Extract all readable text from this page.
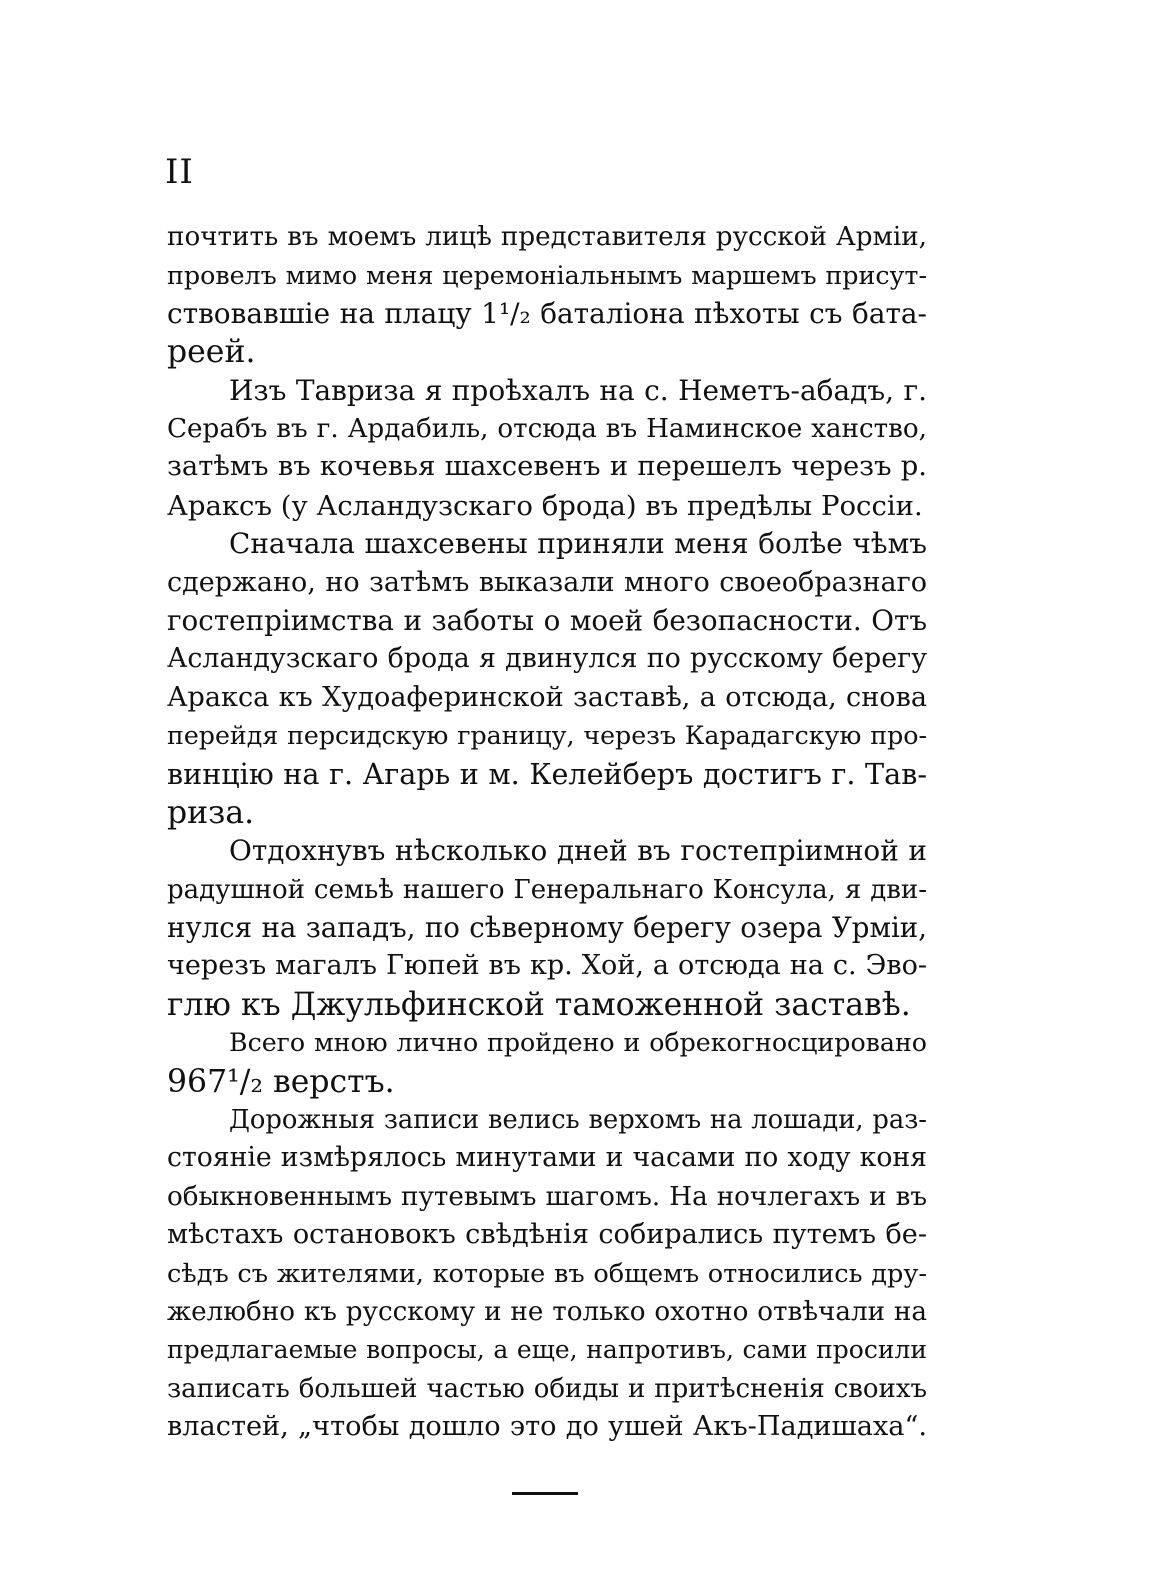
II
почтить въ моемъ лицѣ представителя русской Арміи,
провелъ мимо меня церемоніальнымъ маршемъ присут-
ствовавшіе на плацу 1¹/₂ баталіона пѣхоты съ бата-
реей.
Изъ Тавриза я проѣхалъ на с. Неметъ-абадъ, г.
Серабъ въ г. Ардабиль, отсюда въ Наминское ханство,
затѣмъ въ кочевья шахсевенъ и перешелъ черезъ р.
Араксъ (у Асландузскаго брода) въ предѣлы Россіи.
Сначала шахсевены приняли меня болѣе чѣмъ
сдержано, но затѣмъ выказали много своеобразнаго
гостепріимства и заботы о моей безопасности. Отъ
Асландузскаго брода я двинулся по русскому берегу
Аракса къ Худоаферинской заставѣ, а отсюда, снова
перейдя персидскую границу, черезъ Карадагскую про-
винцію на г. Агарь и м. Келейберъ достигъ г. Тав-
риза.
Отдохнувъ нѣсколько дней въ гостепріимной и
радушной семьѣ нашего Генеральнаго Консула, я дви-
нулся на западъ, по сѣверному берегу озера Урміи,
черезъ магалъ Гюпей въ кр. Хой, а отсюда на с. Эво-
глю къ Джульфинской таможенной заставѣ.
Всего мною лично пройдено и обрекогносцировано
967¹/₂ верстъ.
Дорожныя записи велись верхомъ на лошади, раз-
стояніе измѣрялось минутами и часами по ходу коня
обыкновеннымъ путевымъ шагомъ. На ночлегахъ и въ
мѣстахъ остановокъ свѣдѣнія собирались путемъ бе-
сѣдъ съ жителями, которые въ общемъ относились дру-
желюбно къ русскому и не только охотно отвѣчали на
предлагаемые вопросы, а еще, напротивъ, сами просили
записать большей частью обиды и притѣсненія своихъ
властей, „чтобы дошло это до ушей Акъ-Падишаха“.
